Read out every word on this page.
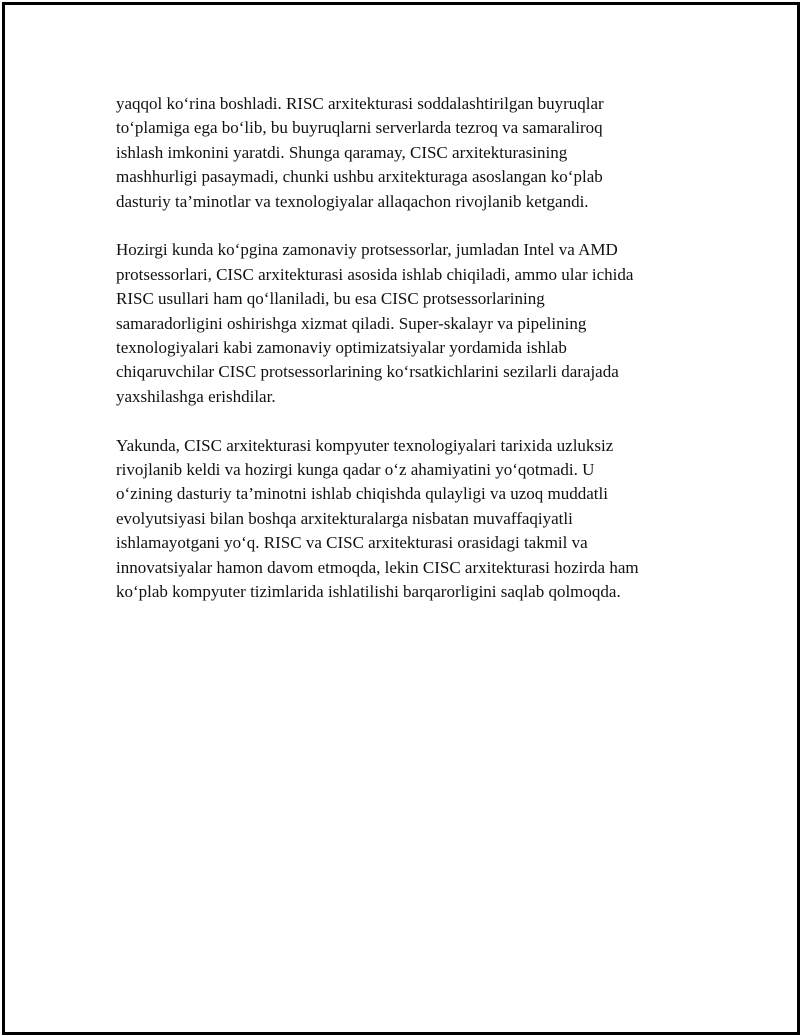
yaqqol ko‘rina boshladi. RISC arxitekturasi soddalashtirilgan buyruqlar
to‘plamiga ega bo‘lib, bu buyruqlarni serverlarda tezroq va samaraliroq
ishlash imkonini yaratdi. Shunga qaramay, CISC arxitekturasining
mashhurligi pasaymadi, chunki ushbu arxitekturaga asoslangan ko‘plab
dasturiy ta’minotlar va texnologiyalar allaqachon rivojlanib ketgandi.

Hozirgi kunda ko‘pgina zamonaviy protsessorlar, jumladan Intel va AMD
protsessorlari, CISC arxitekturasi asosida ishlab chiqiladi, ammo ular ichida
RISC usullari ham qo‘llaniladi, bu esa CISC protsessorlarining
samaradorligini oshirishga xizmat qiladi. Super-skalayr va pipelining
texnologiyalari kabi zamonaviy optimizatsiyalar yordamida ishlab
chiqaruvchilar CISC protsessorlarining ko‘rsatkichlarini sezilarli darajada
yaxshilashga erishdilar.

Yakunda, CISC arxitekturasi kompyuter texnologiyalari tarixida uzluksiz
rivojlanib keldi va hozirgi kunga qadar o‘z ahamiyatini yo‘qotmadi. U
o‘zining dasturiy ta’minotni ishlab chiqishda qulayligi va uzoq muddatli
evolyutsiyasi bilan boshqa arxitekturalarga nisbatan muvaffaqiyatli
ishlamayotgani yo‘q. RISC va CISC arxitekturasi orasidagi takmil va
innovatsiyalar hamon davom etmoqda, lekin CISC arxitekturasi hozirda ham
ko‘plab kompyuter tizimlarida ishlatilishi barqarorligini saqlab qolmoqda.
